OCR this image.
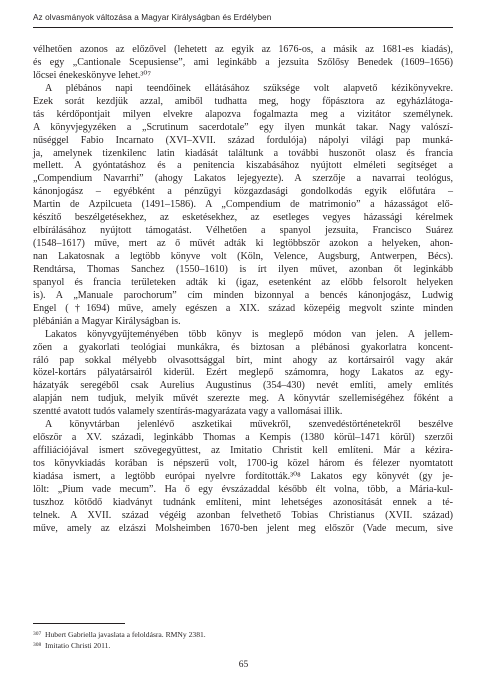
Az olvasmányok változása a Magyar Királyságban és Erdélyben
vélhetően azonos az előzővel (lehetett az egyik az 1676-os, a másik az 1681-es kiadás),
és egy „Cantionale Scepusiense”, ami leginkább a jezsuita Szőlősy Benedek (1609–1656)
lőcsei énekeskönyve lehet.³⁰⁷
A plébános napi teendőinek ellátásához szüksége volt alapvető kézikönyvekre.
Ezek sorát kezdjük azzal, amiből tudhatta meg, hogy főpásztora az egyházlátoga-
tás kérdőpontjait milyen elvekre alapozva fogalmazta meg a vizitátor személynek.
A könyvjegyzéken a „Scrutinum sacerdotale” egy ilyen munkát takar. Nagy valószí-
nűséggel Fabio Incarnato (XVI–XVII. század fordulója) nápolyi világi pap munká-
ja, amelynek tizenkilenc latin kiadását találtunk a további huszonöt olasz és francia
mellett. A gyóntatáshoz és a penitencia kiszabásához nyújtott elméleti segítséget a
„Compendium Navarrhi” (ahogy Lakatos lejegyezte). A szerzője a navarrai teológus,
kánonjogász – egyébként a pénzügyi közgazdasági gondolkodás egyik előfutára –
Martin de Azpilcueta (1491–1586). A „Compendium de matrimonio” a házasságot elő-
készítő beszélgetésekhez, az esketésekhez, az esetleges vegyes házassági kérelmek
elbírálásához nyújtott támogatást. Vélhetően a spanyol jezsuita, Francisco Suárez
(1548–1617) műve, mert az ő művét adták ki legtöbbször azokon a helyeken, ahon-
nan Lakatosnak a legtöbb könyve volt (Köln, Velence, Augsburg, Antwerpen, Bécs).
Rendtársa, Thomas Sanchez (1550–1610) is írt ilyen művet, azonban őt leginkább
spanyol és francia területeken adták ki (igaz, esetenként az előbb felsorolt helyeken
is). A „Manuale parochorum” cím minden bizonnyal a bencés kánonjogász, Ludwig
Engel (†1694) műve, amely egészen a XIX. század közepéig megvolt szinte minden
plébánián a Magyar Királyságban is.
Lakatos könyvgyűjteményében több könyv is meglepő módon van jelen. A jellem-
zően a gyakorlati teológiai munkákra, és biztosan a plébánosi gyakorlatra koncent-
ráló pap sokkal mélyebb olvasottsággal bírt, mint ahogy az kortársairól vagy akár
közel-kortárs pályatársairól kiderül. Ezért meglepő számomra, hogy Lakatos az egy-
házatyák seregéből csak Aurelius Augustinus (354–430) nevét említi, amely említés
alapján nem tudjuk, melyik művét szerezte meg. A könyvtár szellemiségéhez főként a
szentté avatott tudós valamely szentírás-magyarázata vagy a vallomásai illik.
A könyvtárban jelenlévő aszketikai művekről, szenvedéstörténetekről beszélve
először a XV. századi, leginkább Thomas a Kempis (1380 körül–1471 körül) szerzői
affiliációjával ismert szövegegyüttest, az Imitatio Christit kell említeni. Már a kézira-
tos könyvkiadás korában is népszerű volt, 1700-ig közel három és félezer nyomtatott
kiadása ismert, a legtöbb európai nyelvre fordították.³⁰⁸ Lakatos egy könyvét (gy je-
lölt: „Pium vade mecum”. Ha ő egy évszázaddal később élt volna, több, a Mária-kul-
tuszhoz kötődő kiadványt tudnánk említeni, mint lehetséges azonosítását ennek a té-
telnek. A XVII. század végéig azonban felvethető Tobias Christianus (XVII. század)
műve, amely az elzászi Molsheimben 1670-ben jelent meg először (Vade mecum, sive
307 Hubert Gabriella javaslata a feloldásra. RMNy 2381.
308 Imitatio Christi 2011.
65
